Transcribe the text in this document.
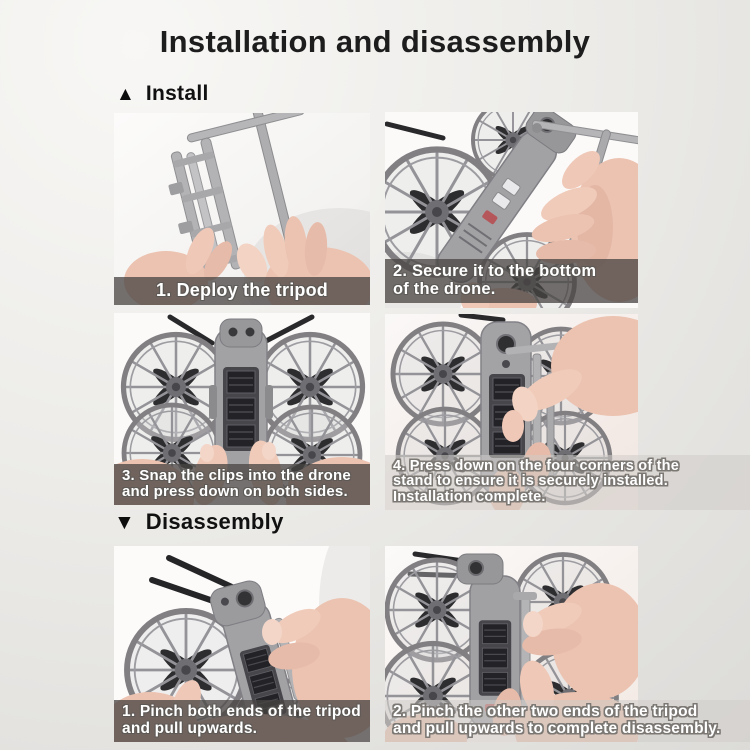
Installation and disassembly
▲ Install
1. Deploy the tripod
2. Secure it to the bottom
of the drone.
3. Snap the clips into the drone
and press down on both sides.
4. Press down on the four corners of the
stand to ensure it is securely installed.
Installation complete.
▼ Disassembly
1. Pinch both ends of the tripod
and pull upwards.
2. Pinch the other two ends of the tripod
and pull upwards to complete disassembly.
